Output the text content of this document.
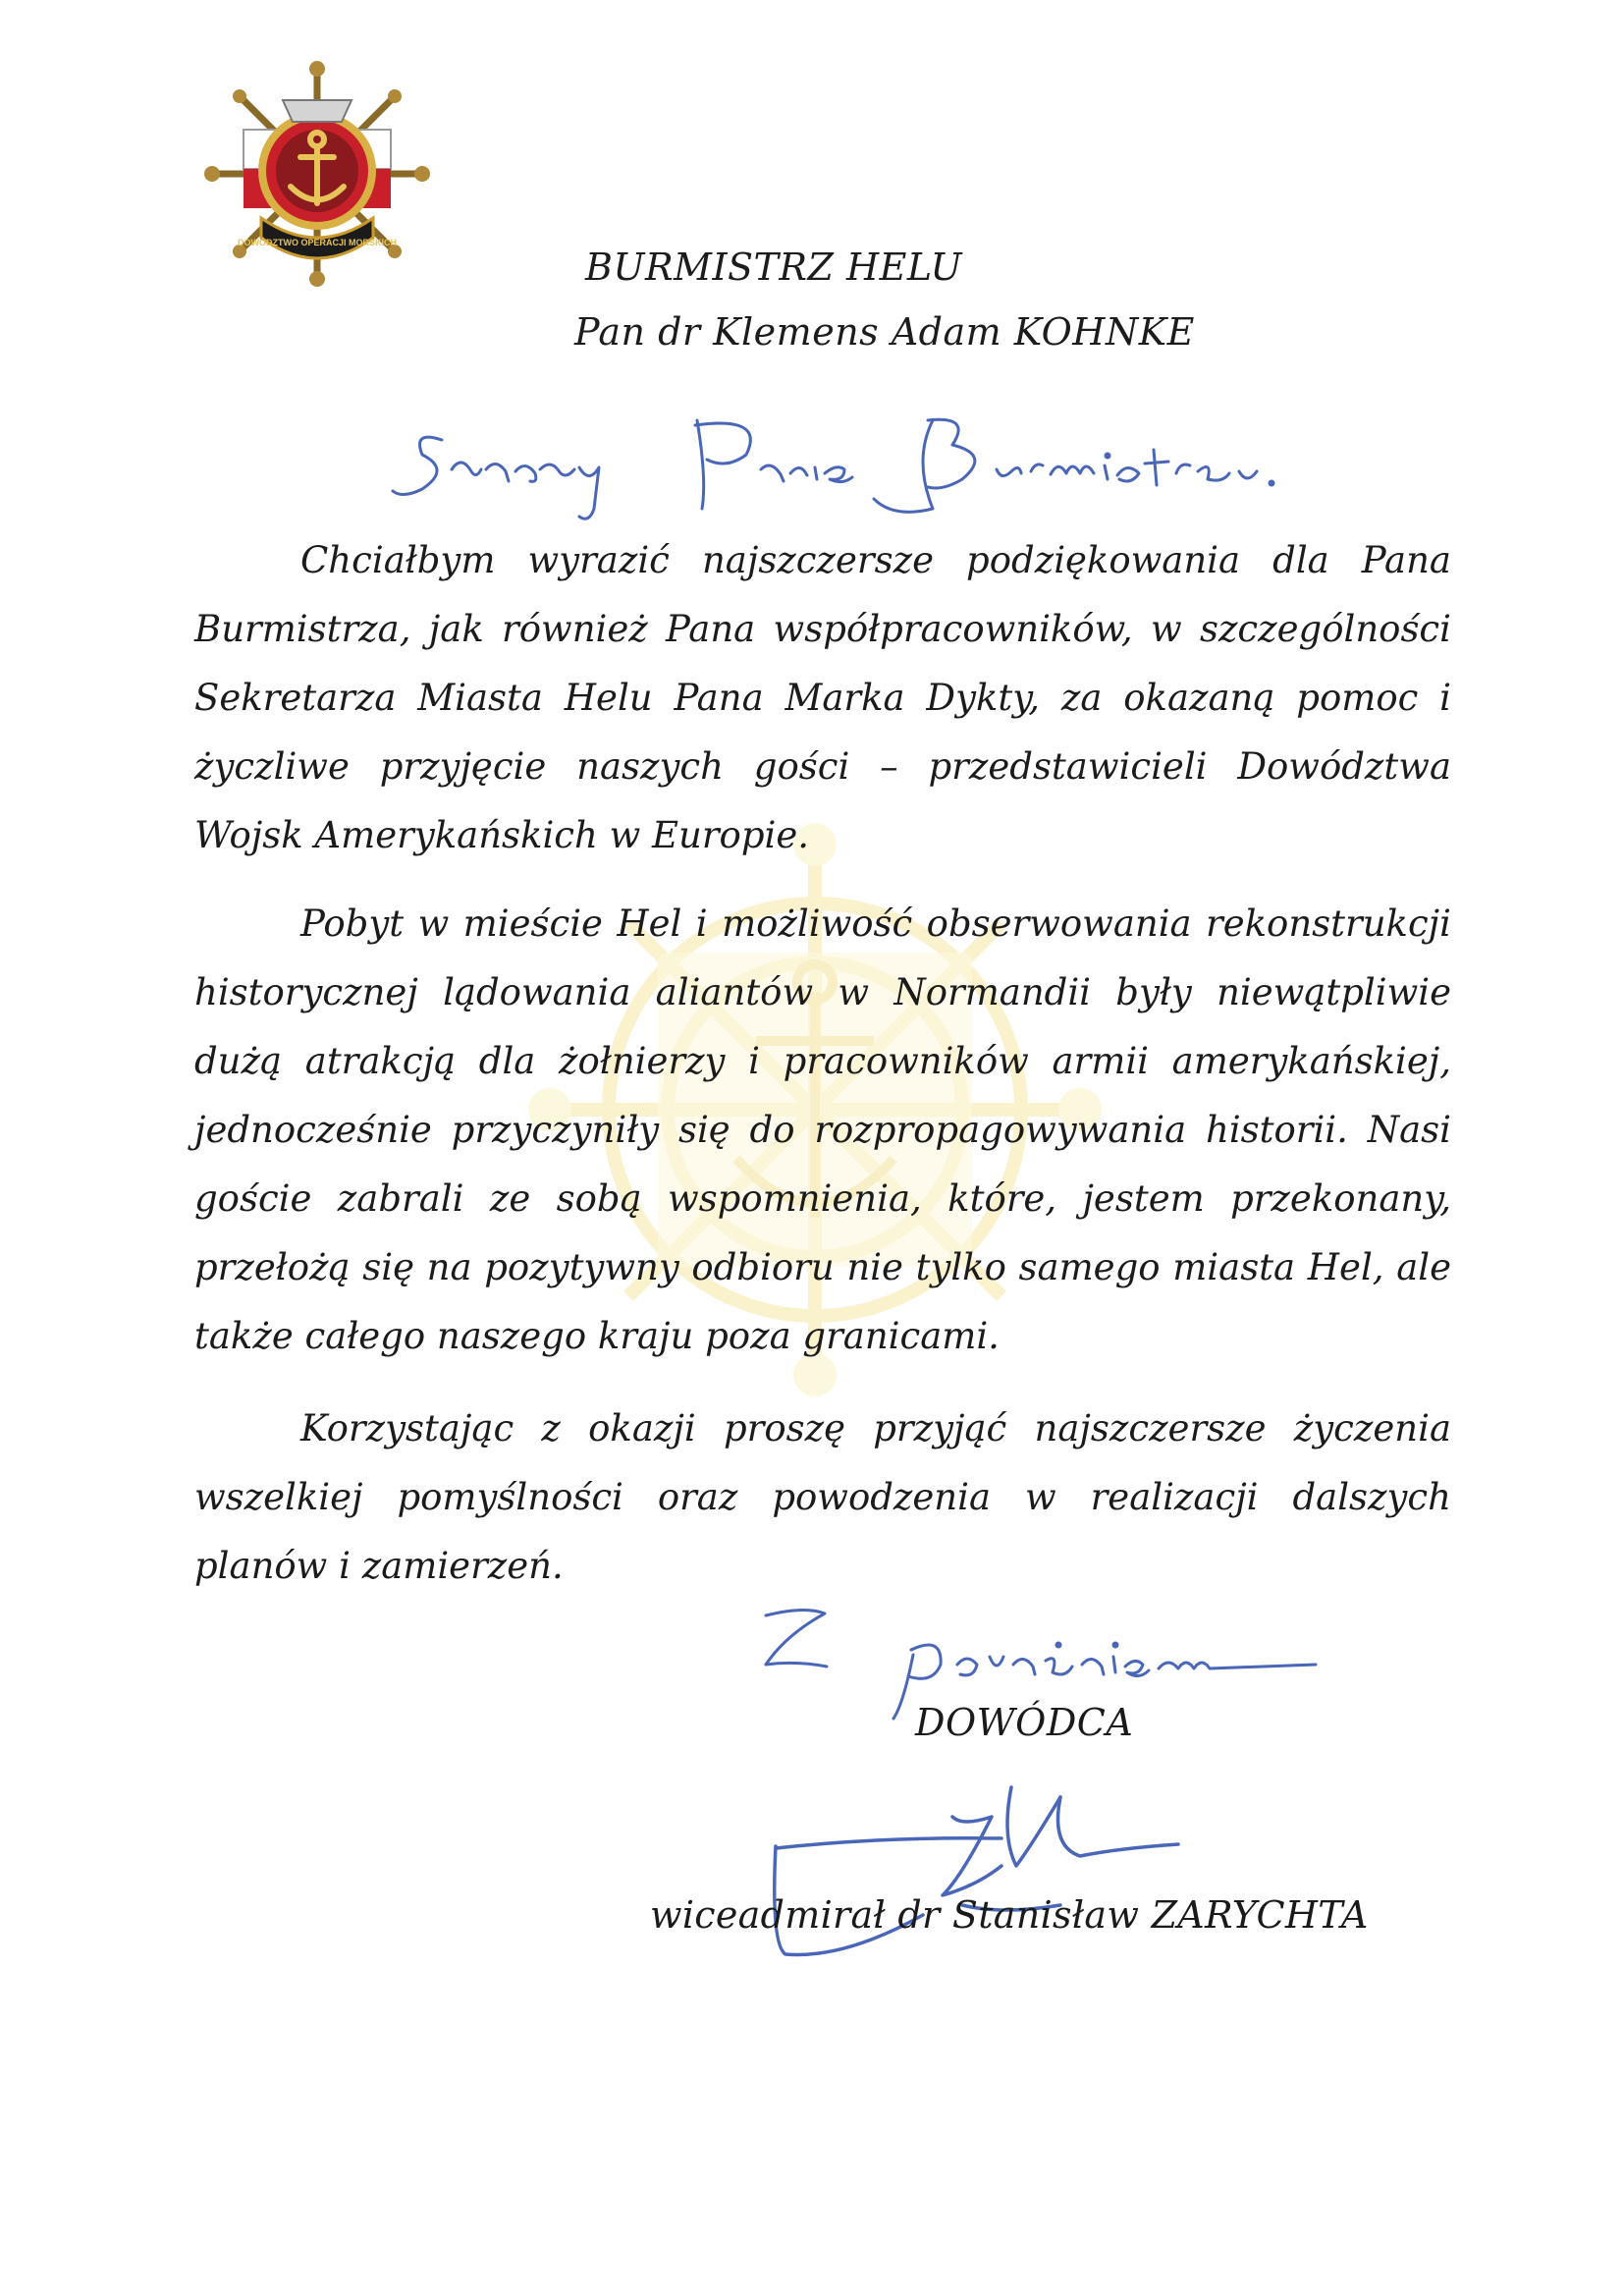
DOWÓDZTWO OPERACJI MORSKICH
BURMISTRZ HELU
Pan dr Klemens Adam KOHNKE
Szanowny Panie Burmistrzu.

Chciałbym wyrazić najszczersze podziękowania dla Pana Burmistrza, jak również Pana współpracowników, w szczególności Sekretarza Miasta Helu Pana Marka Dykty, za okazaną pomoc i życzliwe przyjęcie naszych gości – przedstawicieli Dowództwa Wojsk Amerykańskich w Europie.

Pobyt w mieście Hel i możliwość obserwowania rekonstrukcji historycznej lądowania aliantów w Normandii były niewątpliwie dużą atrakcją dla żołnierzy i pracowników armii amerykańskiej, jednocześnie przyczyniły się do rozpropagowywania historii. Nasi goście zabrali ze sobą wspomnienia, które, jestem przekonany, przełożą się na pozytywny odbioru nie tylko samego miasta Hel, ale także całego naszego kraju poza granicami.

Korzystając z okazji proszę przyjąć najszczersze życzenia wszelkiej pomyślności oraz powodzenia w realizacji dalszych planów i zamierzeń.

Z poważaniem
DOWÓDCA
wiceadmirał dr Stanisław ZARYCHTA
